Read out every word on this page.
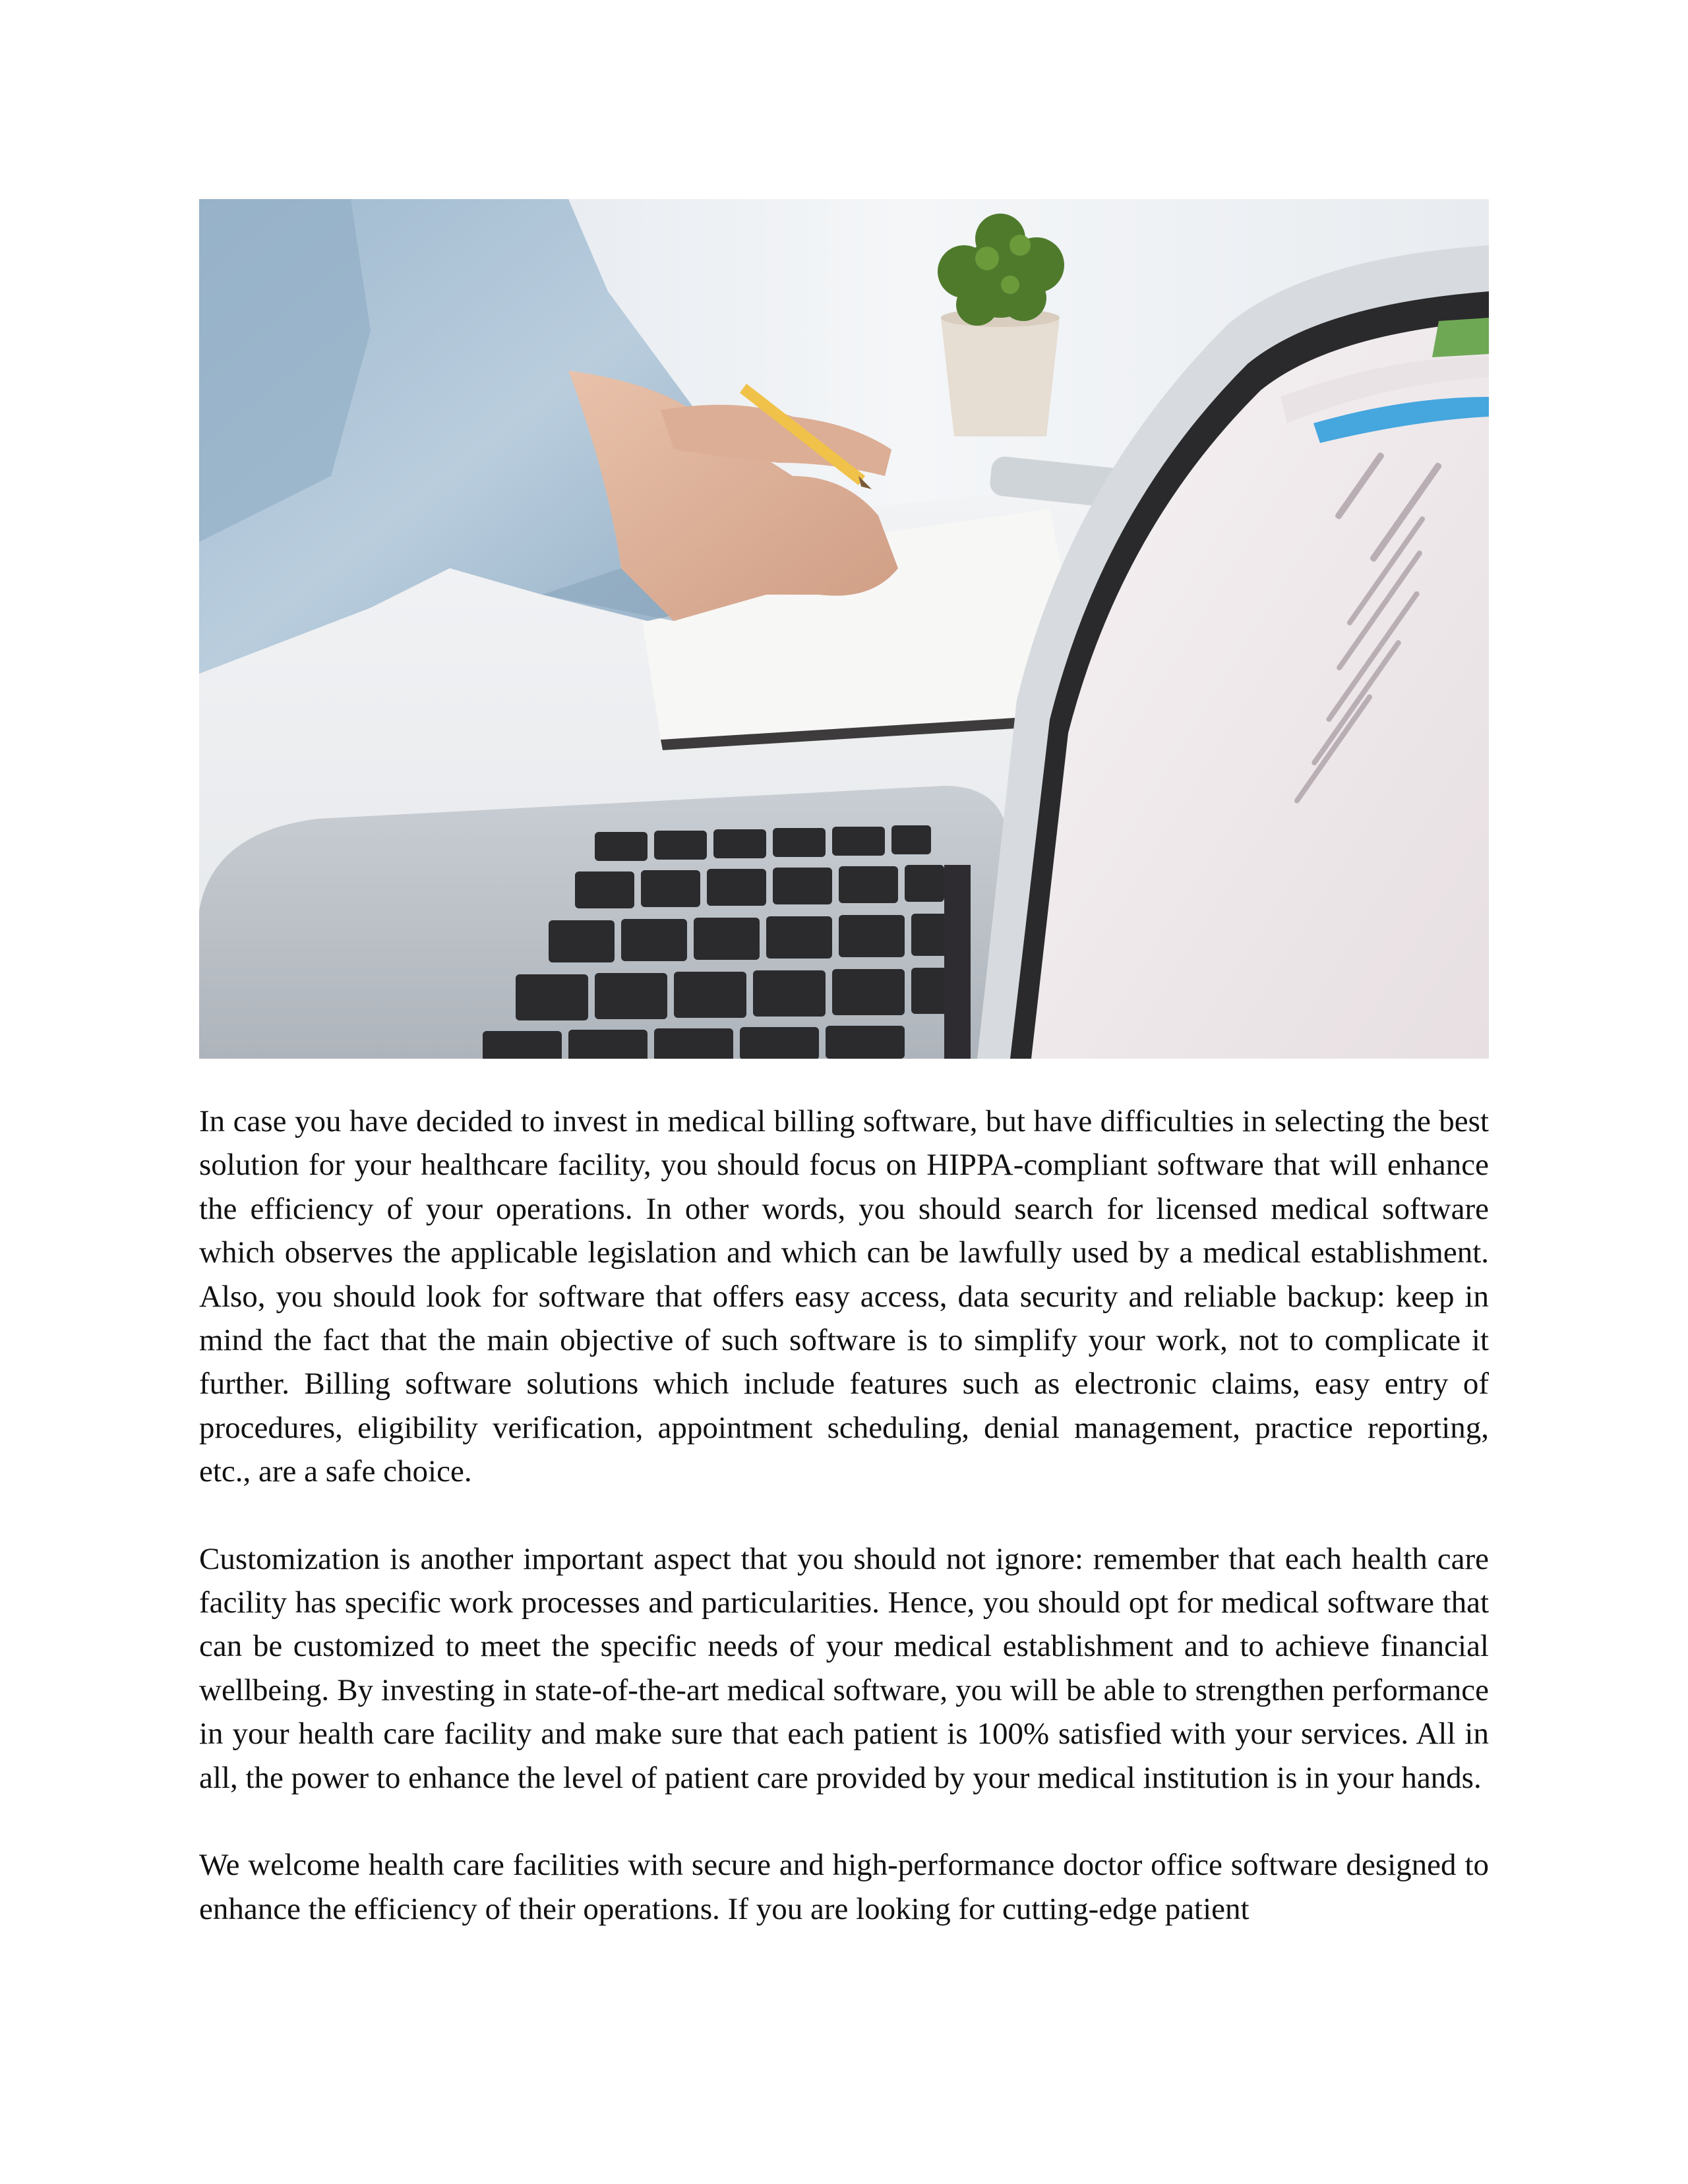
In case you have decided to invest in medical billing software, but have difficulties in selecting the best solution for your healthcare facility, you should focus on HIPPA-compliant software that will enhance the efficiency of your operations. In other words, you should search for licensed medical software which observes the applicable legislation and which can be lawfully used by a medical establishment. Also, you should look for software that offers easy access, data security and reliable backup: keep in mind the fact that the main objective of such software is to simplify your work, not to complicate it further. Billing software solutions which include features such as electronic claims, easy entry of procedures, eligibility verification, appointment scheduling, denial management, practice reporting, etc., are a safe choice.

Customization is another important aspect that you should not ignore: remember that each health care facility has specific work processes and particularities. Hence, you should opt for medical software that can be customized to meet the specific needs of your medical establishment and to achieve financial wellbeing. By investing in state-of-the-art medical software, you will be able to strengthen performance in your health care facility and make sure that each patient is 100% satisfied with your services. All in all, the power to enhance the level of patient care provided by your medical institution is in your hands.

We welcome health care facilities with secure and high-performance doctor office software designed to enhance the efficiency of their operations. If you are looking for cutting-edge patient
